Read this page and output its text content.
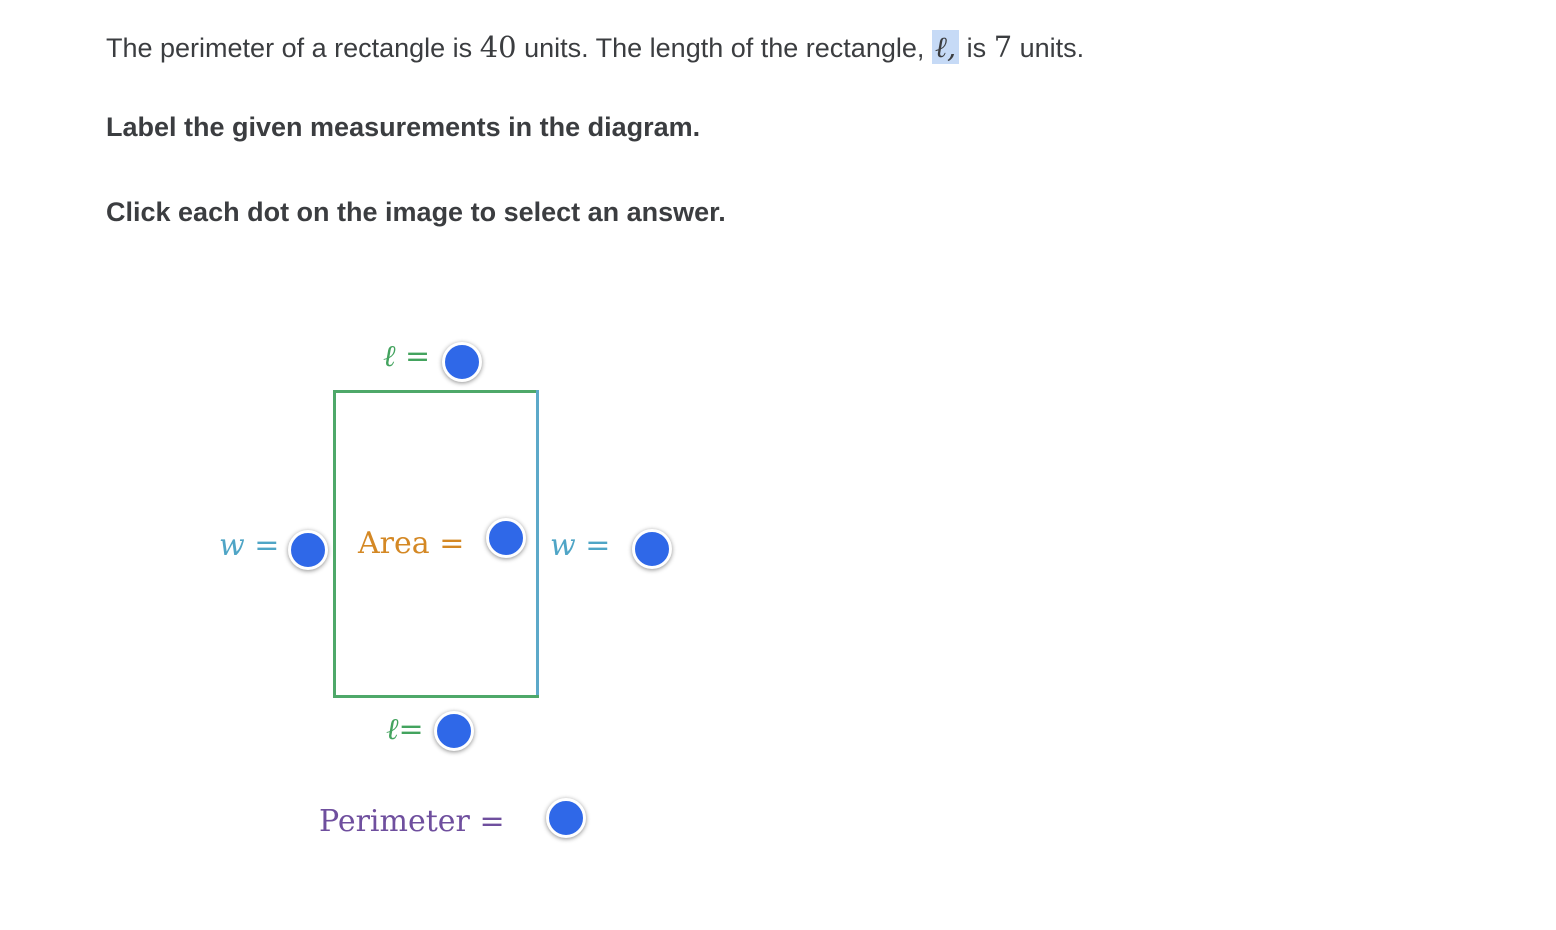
The perimeter of a rectangle is 40 units. The length of the rectangle, ℓ, is 7 units.
Label the given measurements in the diagram.
Click each dot on the image to select an answer.
ℓ =
w =	Area =	w =
ℓ=
Perimeter =
